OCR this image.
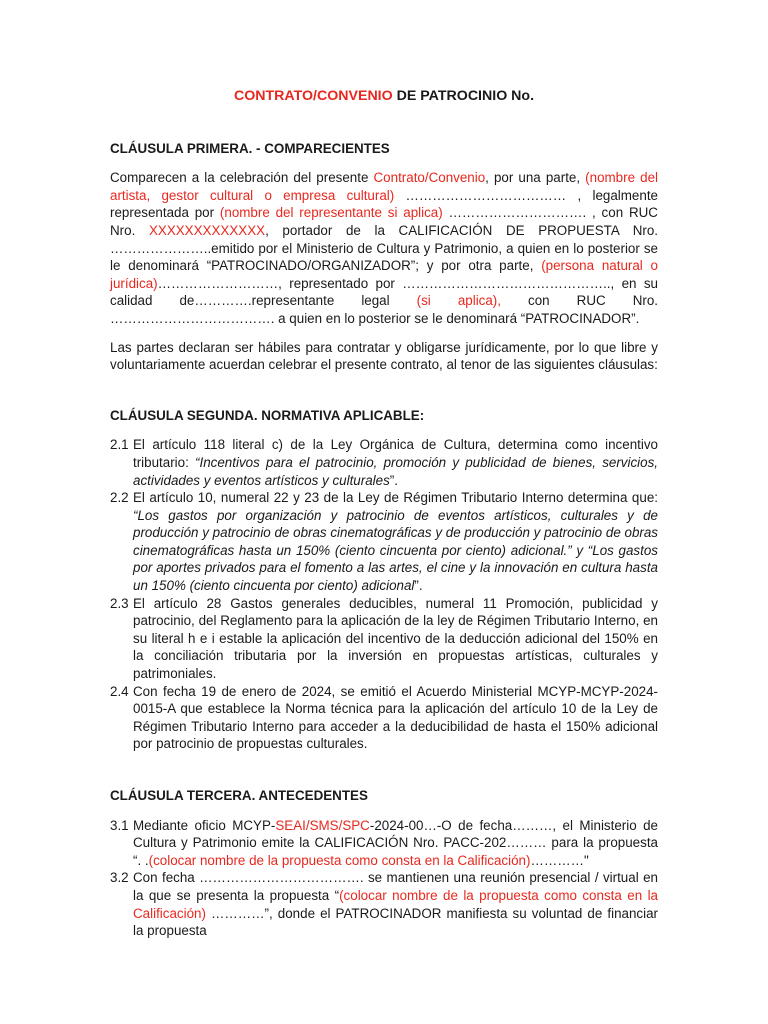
CONTRATO/CONVENIO DE PATROCINIO No.
CLÁUSULA PRIMERA. - COMPARECIENTES
Comparecen a la celebración del presente Contrato/Convenio, por una parte, (nombre del artista, gestor cultural o empresa cultural) ……………………………… , legalmente representada por (nombre del representante si aplica) …………………………. , con RUC Nro. XXXXXXXXXXXXX, portador de la CALIFICACIÓN DE PROPUESTA Nro. …………………..emitido por el Ministerio de Cultura y Patrimonio, a quien en lo posterior se le denominará “PATROCINADO/ORGANIZADOR”; y por otra parte, (persona natural o jurídica)………………………, representado por ……………………………………….., en su calidad de………….representante legal (si aplica), con RUC Nro. ………………………………. a quien en lo posterior se le denominará “PATROCINADOR”.
Las partes declaran ser hábiles para contratar y obligarse jurídicamente, por lo que libre y voluntariamente acuerdan celebrar el presente contrato, al tenor de las siguientes cláusulas:
CLÁUSULA SEGUNDA. NORMATIVA APLICABLE:
2.1 El artículo 118 literal c) de la Ley Orgánica de Cultura, determina como incentivo tributario: “Incentivos para el patrocinio, promoción y publicidad de bienes, servicios, actividades y eventos artísticos y culturales”.
2.2 El artículo 10, numeral 22 y 23 de la Ley de Régimen Tributario Interno determina que: “Los gastos por organización y patrocinio de eventos artísticos, culturales y de producción y patrocinio de obras cinematográficas y de producción y patrocinio de obras cinematográficas hasta un 150% (ciento cincuenta por ciento) adicional.” y “Los gastos por aportes privados para el fomento a las artes, el cine y la innovación en cultura hasta un 150% (ciento cincuenta por ciento) adicional”.
2.3 El artículo 28 Gastos generales deducibles, numeral 11 Promoción, publicidad y patrocinio, del Reglamento para la aplicación de la ley de Régimen Tributario Interno, en su literal h e i estable la aplicación del incentivo de la deducción adicional del 150% en la conciliación tributaria por la inversión en propuestas artísticas, culturales y patrimoniales.
2.4 Con fecha 19 de enero de 2024, se emitió el Acuerdo Ministerial MCYP-MCYP-2024-0015-A que establece la Norma técnica para la aplicación del artículo 10 de la Ley de Régimen Tributario Interno para acceder a la deducibilidad de hasta el 150% adicional por patrocinio de propuestas culturales.
CLÁUSULA TERCERA. ANTECEDENTES
3.1 Mediante oficio MCYP-SEAI/SMS/SPC-2024-00…-O de fecha………, el Ministerio de Cultura y Patrimonio emite la CALIFICACIÓN Nro. PACC-202……… para la propuesta “. .(colocar nombre de la propuesta como consta en la Calificación)…………"
3.2 Con fecha ………………………………. se mantienen una reunión presencial / virtual en la que se presenta la propuesta “(colocar nombre de la propuesta como consta en la Calificación) …………”, donde el PATROCINADOR manifiesta su voluntad de financiar la propuesta
